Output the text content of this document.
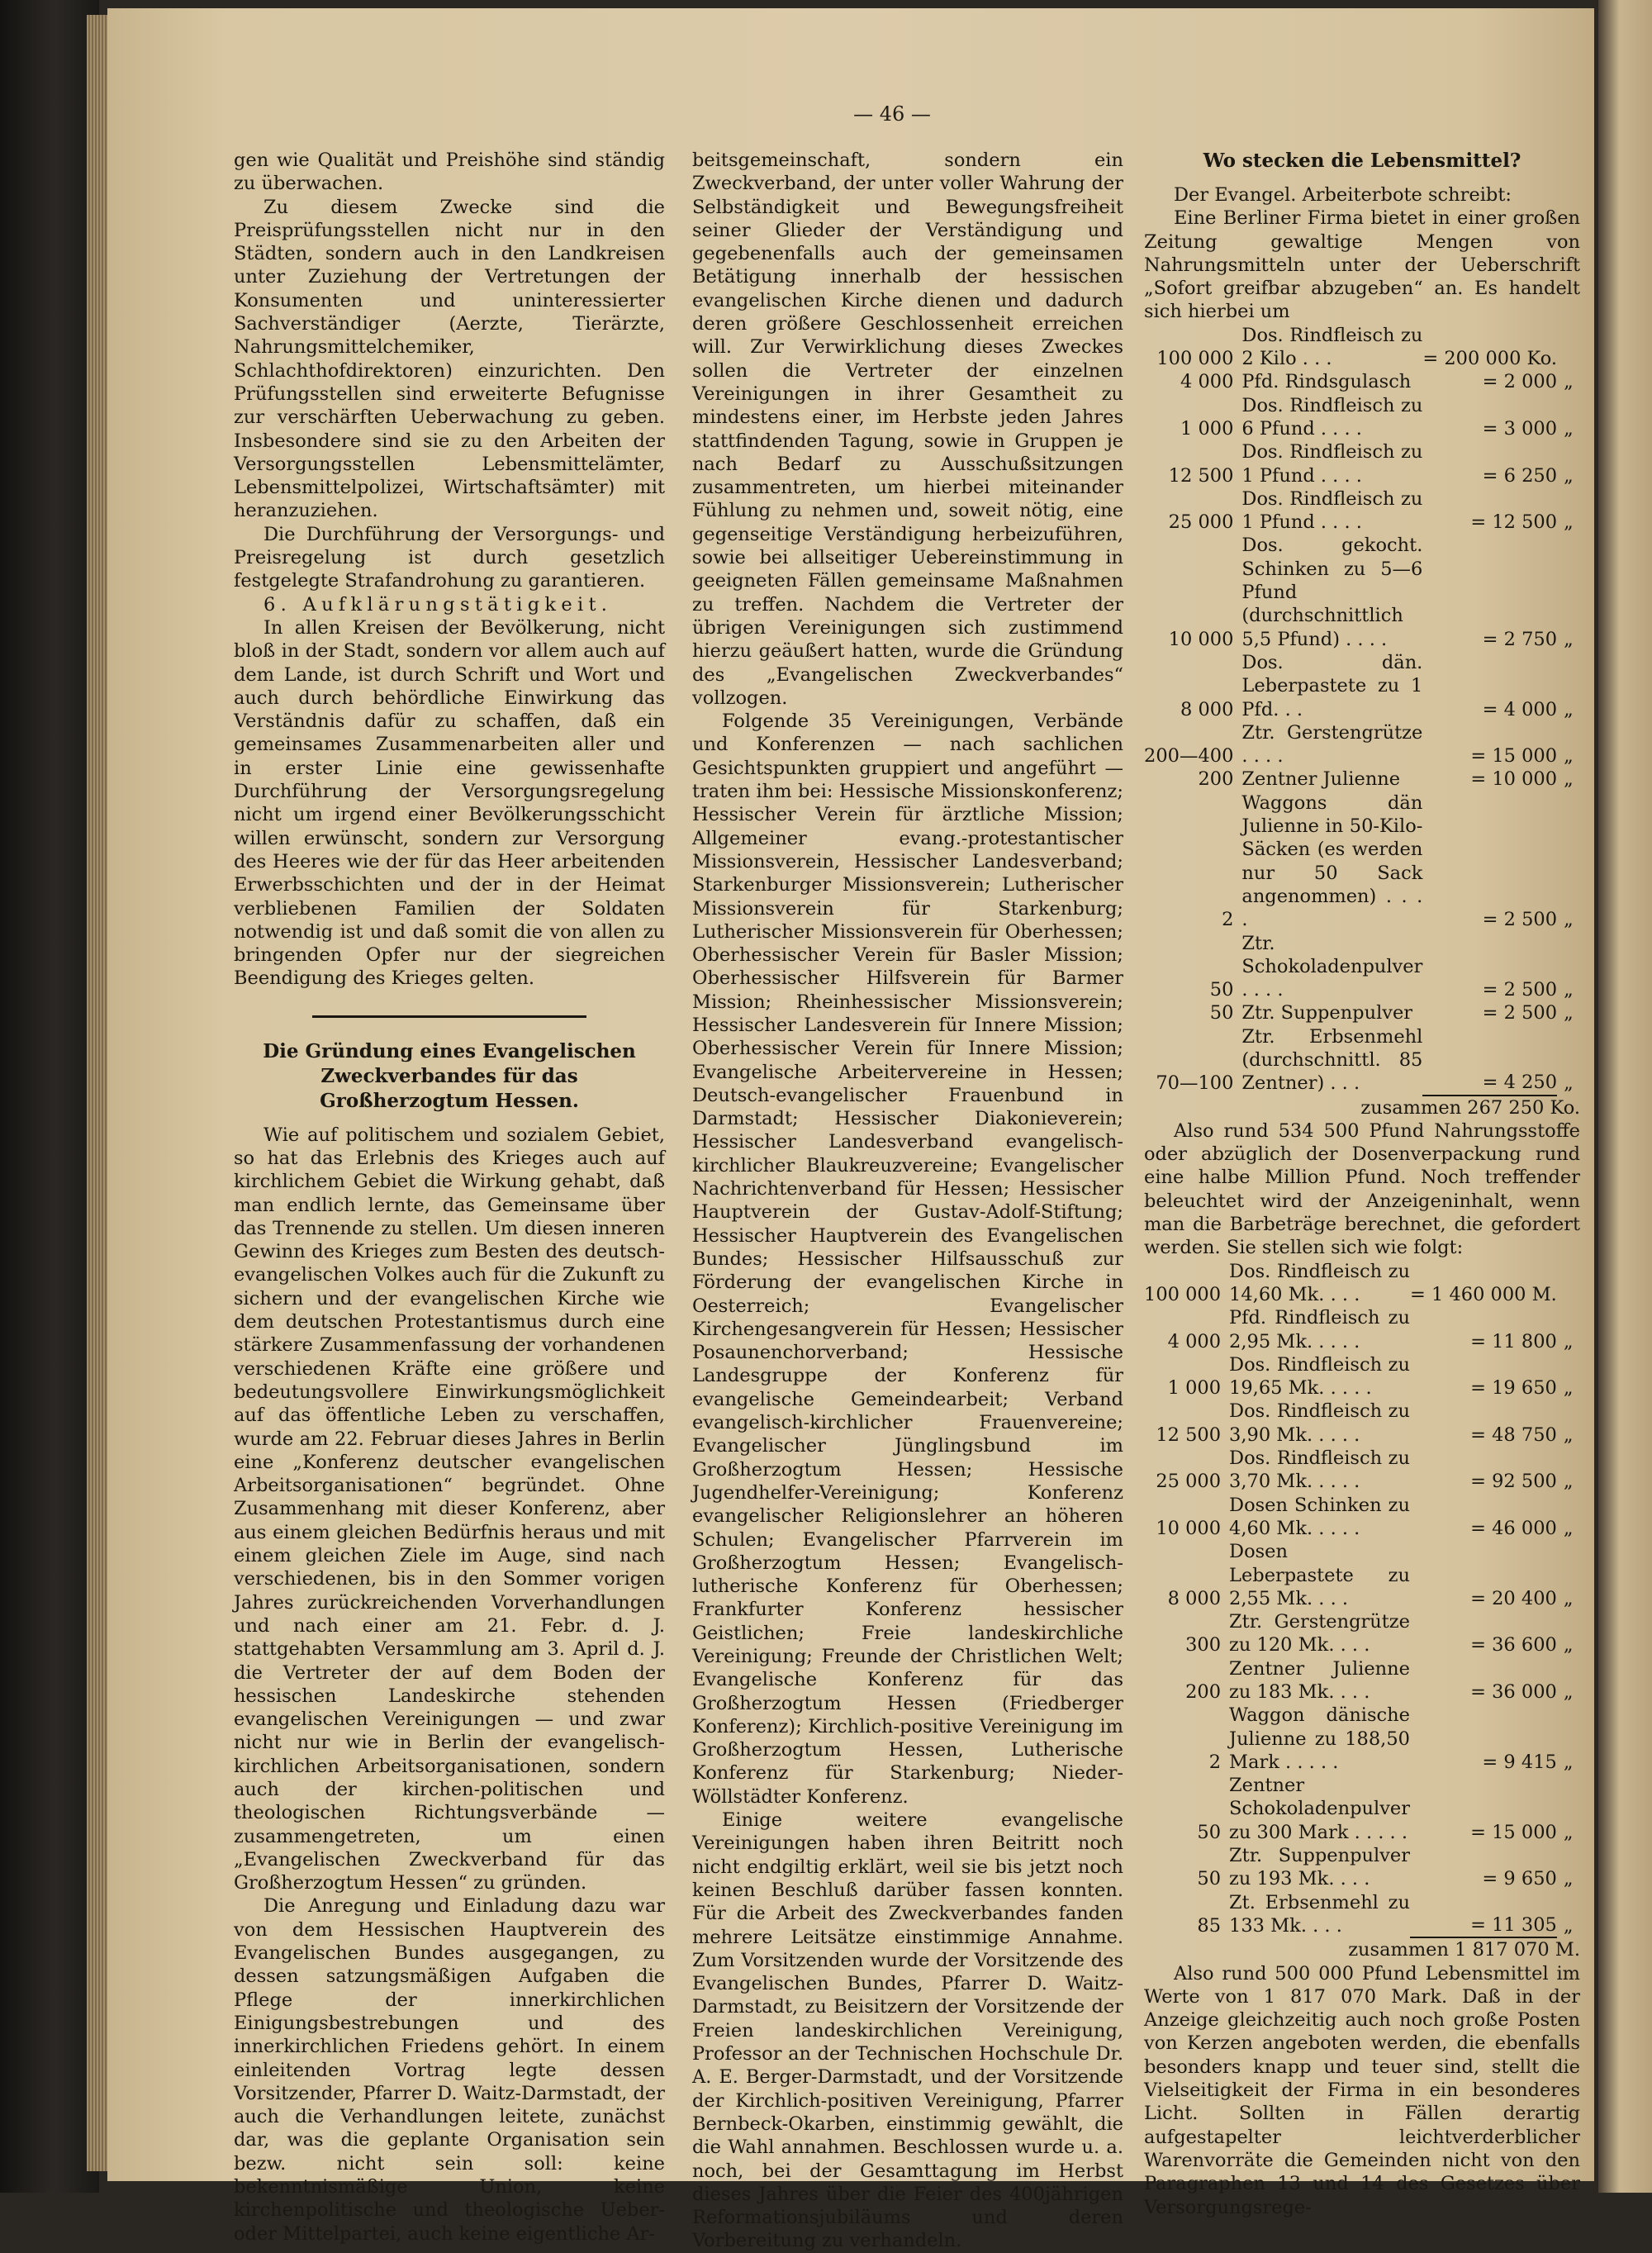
— 46 —

gen wie Qualität und Preishöhe sind ständig zu überwachen.

Zu diesem Zwecke sind die Preisprüfungsstellen nicht nur in den Städten, sondern auch in den Landkreisen unter Zuziehung der Vertretungen der Konsumenten und uninteressierter Sachverständiger (Aerzte, Tierärzte, Nahrungsmittelchemiker, Schlachthofdirektoren) einzurichten. Den Prüfungsstellen sind erweiterte Befugnisse zur verschärften Ueberwachung zu geben. Insbesondere sind sie zu den Arbeiten der Versorgungsstellen Lebensmittelämter, Lebensmittelpolizei, Wirtschaftsämter) mit heranzuziehen.

Die Durchführung der Versorgungs- und Preisregelung ist durch gesetzlich festgelegte Strafandrohung zu garantieren.

6. Aufklärungstätigkeit.

In allen Kreisen der Bevölkerung, nicht bloß in der Stadt, sondern vor allem auch auf dem Lande, ist durch Schrift und Wort und auch durch behördliche Einwirkung das Verständnis dafür zu schaffen, daß ein gemeinsames Zusammenarbeiten aller und in erster Linie eine gewissenhafte Durchführung der Versorgungsregelung nicht um irgend einer Bevölkerungsschicht willen erwünscht, sondern zur Versorgung des Heeres wie der für das Heer arbeitenden Erwerbsschichten und der in der Heimat verbliebenen Familien der Soldaten notwendig ist und daß somit die von allen zu bringenden Opfer nur der siegreichen Beendigung des Krieges gelten.

Die Gründung eines Evangelischen Zweckverbandes für das Großherzogtum Hessen.

Wie auf politischem und sozialem Gebiet, so hat das Erlebnis des Krieges auch auf kirchlichem Gebiet die Wirkung gehabt, daß man endlich lernte, das Gemeinsame über das Trennende zu stellen. Um diesen inneren Gewinn des Krieges zum Besten des deutsch-evangelischen Volkes auch für die Zukunft zu sichern und der evangelischen Kirche wie dem deutschen Protestantismus durch eine stärkere Zusammenfassung der vorhandenen verschiedenen Kräfte eine größere und bedeutungsvollere Einwirkungsmöglichkeit auf das öffentliche Leben zu verschaffen, wurde am 22. Februar dieses Jahres in Berlin eine „Konferenz deutscher evangelischen Arbeitsorganisationen“ begründet. Ohne Zusammenhang mit dieser Konferenz, aber aus einem gleichen Bedürfnis heraus und mit einem gleichen Ziele im Auge, sind nach verschiedenen, bis in den Sommer vorigen Jahres zurückreichenden Vorverhandlungen und nach einer am 21. Febr. d. J. stattgehabten Versammlung am 3. April d. J. die Vertreter der auf dem Boden der hessischen Landeskirche stehenden evangelischen Vereinigungen — und zwar nicht nur wie in Berlin der evangelisch-kirchlichen Arbeitsorganisationen, sondern auch der kirchen-politischen und theologischen Richtungsverbände — zusammengetreten, um einen „Evangelischen Zweckverband für das Großherzogtum Hessen“ zu gründen.

Die Anregung und Einladung dazu war von dem Hessischen Hauptverein des Evangelischen Bundes ausgegangen, zu dessen satzungsmäßigen Aufgaben die Pflege der innerkirchlichen Einigungsbestrebungen und des innerkirchlichen Friedens gehört. In einem einleitenden Vortrag legte dessen Vorsitzender, Pfarrer D. Waitz-Darmstadt, der auch die Verhandlungen leitete, zunächst dar, was die geplante Organisation sein bezw. nicht sein soll: keine bekenntnismäßige Union, keine kirchenpolitische und theologische Ueber- oder Mittelpartei, auch keine eigentliche Ar-

beitsgemeinschaft, sondern ein Zweckverband, der unter voller Wahrung der Selbständigkeit und Bewegungsfreiheit seiner Glieder der Verständigung und gegebenenfalls auch der gemeinsamen Betätigung innerhalb der hessischen evangelischen Kirche dienen und dadurch deren größere Geschlossenheit erreichen will. Zur Verwirklichung dieses Zweckes sollen die Vertreter der einzelnen Vereinigungen in ihrer Gesamtheit zu mindestens einer, im Herbste jeden Jahres stattfindenden Tagung, sowie in Gruppen je nach Bedarf zu Ausschußsitzungen zusammentreten, um hierbei miteinander Fühlung zu nehmen und, soweit nötig, eine gegenseitige Verständigung herbeizuführen, sowie bei allseitiger Uebereinstimmung in geeigneten Fällen gemeinsame Maßnahmen zu treffen. Nachdem die Vertreter der übrigen Vereinigungen sich zustimmend hierzu geäußert hatten, wurde die Gründung des „Evangelischen Zweckverbandes“ vollzogen.

Folgende 35 Vereinigungen, Verbände und Konferenzen — nach sachlichen Gesichtspunkten gruppiert und angeführt — traten ihm bei: Hessische Missionskonferenz; Hessischer Verein für ärztliche Mission; Allgemeiner evang.-protestantischer Missionsverein, Hessischer Landesverband; Starkenburger Missionsverein; Lutherischer Missionsverein für Starkenburg; Lutherischer Missionsverein für Oberhessen; Oberhessischer Verein für Basler Mission; Oberhessischer Hilfsverein für Barmer Mission; Rheinhessischer Missionsverein; Hessischer Landesverein für Innere Mission; Oberhessischer Verein für Innere Mission; Evangelische Arbeitervereine in Hessen; Deutsch-evangelischer Frauenbund in Darmstadt; Hessischer Diakonieverein; Hessischer Landesverband evangelisch-kirchlicher Blaukreuzvereine; Evangelischer Nachrichtenverband für Hessen; Hessischer Hauptverein der Gustav-Adolf-Stiftung; Hessischer Hauptverein des Evangelischen Bundes; Hessischer Hilfsausschuß zur Förderung der evangelischen Kirche in Oesterreich; Evangelischer Kirchengesangverein für Hessen; Hessischer Posaunenchorverband; Hessische Landesgruppe der Konferenz für evangelische Gemeindearbeit; Verband evangelisch-kirchlicher Frauenvereine; Evangelischer Jünglingsbund im Großherzogtum Hessen; Hessische Jugendhelfer-Vereinigung; Konferenz evangelischer Religionslehrer an höheren Schulen; Evangelischer Pfarrverein im Großherzogtum Hessen; Evangelisch-lutherische Konferenz für Oberhessen; Frankfurter Konferenz hessischer Geistlichen; Freie landeskirchliche Vereinigung; Freunde der Christlichen Welt; Evangelische Konferenz für das Großherzogtum Hessen (Friedberger Konferenz); Kirchlich-positive Vereinigung im Großherzogtum Hessen, Lutherische Konferenz für Starkenburg; Nieder-Wöllstädter Konferenz.

Einige weitere evangelische Vereinigungen haben ihren Beitritt noch nicht endgiltig erklärt, weil sie bis jetzt noch keinen Beschluß darüber fassen konnten. Für die Arbeit des Zweckverbandes fanden mehrere Leitsätze einstimmige Annahme. Zum Vorsitzenden wurde der Vorsitzende des Evangelischen Bundes, Pfarrer D. Waitz-Darmstadt, zu Beisitzern der Vorsitzende der Freien landeskirchlichen Vereinigung, Professor an der Technischen Hochschule Dr. A. E. Berger-Darmstadt, und der Vorsitzende der Kirchlich-positiven Vereinigung, Pfarrer Bernbeck-Okarben, einstimmig gewählt, die die Wahl annahmen. Beschlossen wurde u. a. noch, bei der Gesamttagung im Herbst dieses Jahres über die Feier des 400jährigen Reformationsjubiläums und deren Vorbereitung zu verhandeln.

Wo stecken die Lebensmittel?

Der Evangel. Arbeiterbote schreibt:

Eine Berliner Firma bietet in einer großen Zeitung gewaltige Mengen von Nahrungsmitteln unter der Ueberschrift „Sofort greifbar abzugeben“ an. Es handelt sich hierbei um

100 000	Dos. Rindfleisch zu 2 Kilo . . .	= 200 000 Ko.	
4 000	Pfd. Rindsgulasch	= 2 000	„
1 000	Dos. Rindfleisch zu 6 Pfund . . . .	= 3 000	„
12 500	Dos. Rindfleisch zu 1 Pfund . . . .	= 6 250	„
25 000	Dos. Rindfleisch zu 1 Pfund . . . .	= 12 500	„
10 000	Dos. gekocht. Schinken zu 5—6 Pfund (durchschnittlich 5,5 Pfund) . . . .	= 2 750	„
8 000	Dos. dän. Leberpastete zu 1 Pfd. . .	= 4 000	„
200—400	Ztr. Gerstengrütze . . . .	= 15 000	„
200	Zentner Julienne	= 10 000	„
2	Waggons dän Julienne in 50-Kilo-Säcken (es werden nur 50 Sack angenommen) . . . .	= 2 500	„
50	Ztr. Schokoladenpulver . . . .	= 2 500	„
50	Ztr. Suppenpulver	= 2 500	„
70—100	Ztr. Erbsenmehl (durchschnittl. 85 Zentner) . . .	= 4 250	„
zusammen 267 250 Ko.

Also rund 534 500 Pfund Nahrungsstoffe oder abzüglich der Dosenverpackung rund eine halbe Million Pfund. Noch treffender beleuchtet wird der Anzeigeninhalt, wenn man die Barbeträge berechnet, die gefordert werden. Sie stellen sich wie folgt:

100 000	Dos. Rindfleisch zu 14,60 Mk. . . .	= 1 460 000 M.	
4 000	Pfd. Rindfleisch zu 2,95 Mk. . . . .	= 11 800	„
1 000	Dos. Rindfleisch zu 19,65 Mk. . . . .	= 19 650	„
12 500	Dos. Rindfleisch zu 3,90 Mk. . . . .	= 48 750	„
25 000	Dos. Rindfleisch zu 3,70 Mk. . . . .	= 92 500	„
10 000	Dosen Schinken zu 4,60 Mk. . . . .	= 46 000	„
8 000	Dosen Leberpastete zu 2,55 Mk. . . .	= 20 400	„
300	Ztr. Gerstengrütze zu 120 Mk. . . .	= 36 600	„
200	Zentner Julienne zu 183 Mk. . . .	= 36 000	„
2	Waggon dänische Julienne zu 188,50 Mark . . . . .	= 9 415	„
50	Zentner Schokoladenpulver zu 300 Mark . . . . .	= 15 000	„
50	Ztr. Suppenpulver zu 193 Mk. . . .	= 9 650	„
85	Zt. Erbsenmehl zu 133 Mk. . . .	= 11 305	„
zusammen 1 817 070 M.

Also rund 500 000 Pfund Lebensmittel im Werte von 1 817 070 Mark. Daß in der Anzeige gleichzeitig auch noch große Posten von Kerzen angeboten werden, die ebenfalls besonders knapp und teuer sind, stellt die Vielseitigkeit der Firma in ein besonderes Licht. Sollten in Fällen derartig aufgestapelter leichtverderblicher Warenvorräte die Gemeinden nicht von den Paragraphen 13 und 14 des Gesetzes über Versorgungsrege-
